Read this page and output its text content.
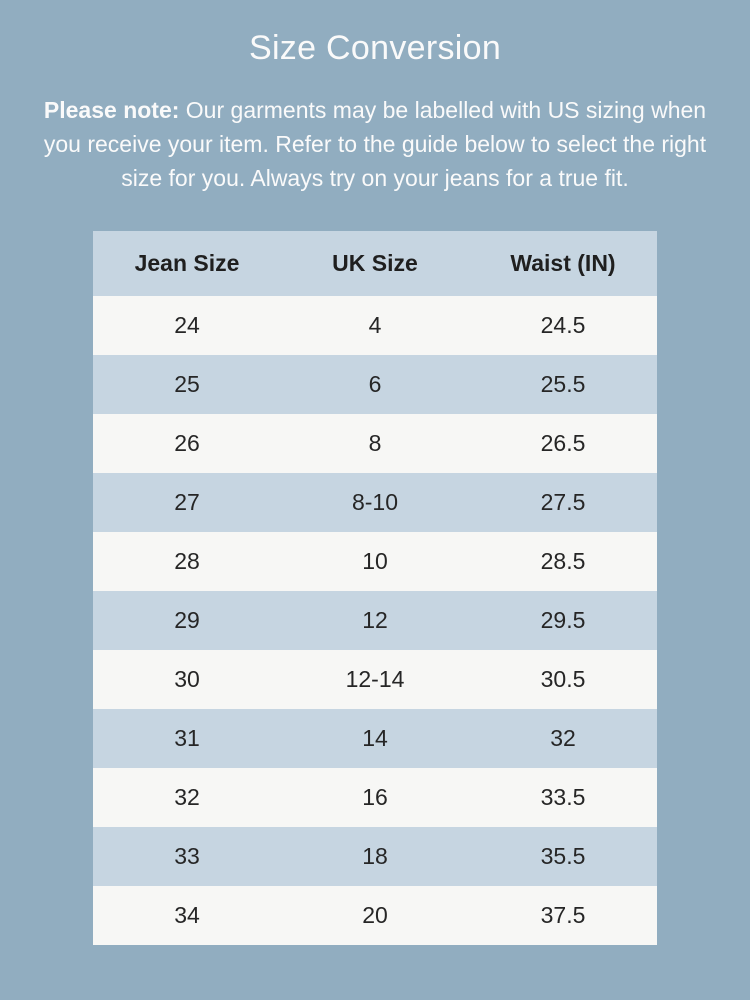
Size Conversion

Please note: Our garments may be labelled with US sizing when you receive your item. Refer to the guide below to select the right size for you. Always try on your jeans for a true fit.

Jean Size	UK Size	Waist (IN)
24	4	24.5
25	6	25.5
26	8	26.5
27	8-10	27.5
28	10	28.5
29	12	29.5
30	12-14	30.5
31	14	32
32	16	33.5
33	18	35.5
34	20	37.5
